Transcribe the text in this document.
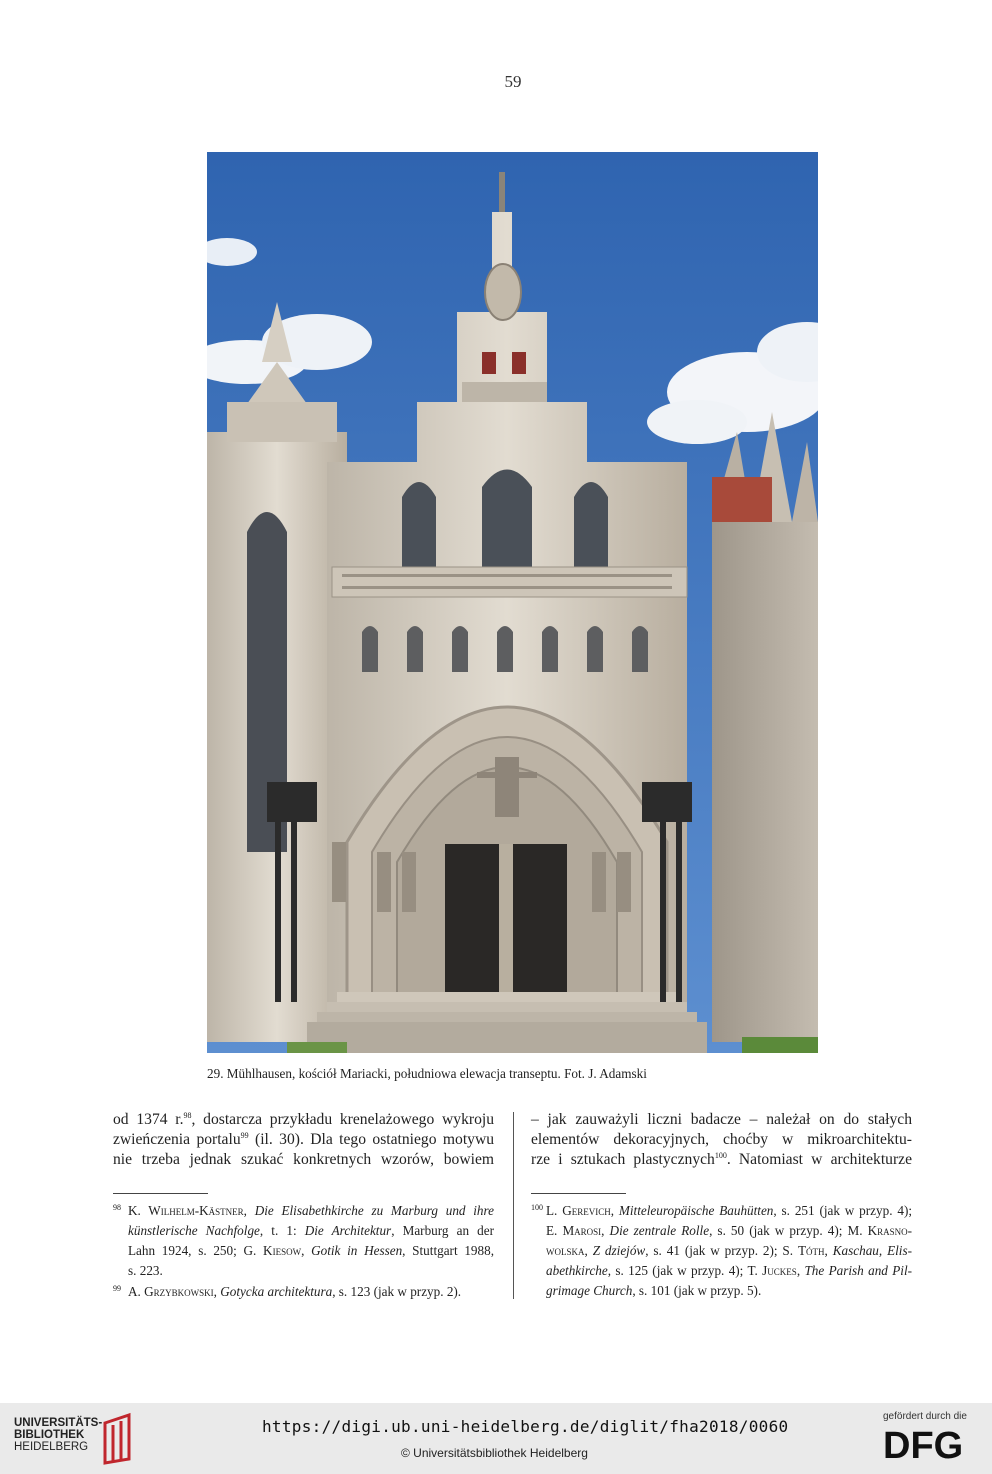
59
29. Mühlhausen, kościół Mariacki, południowa elewacja transeptu. Fot. J. Adamski
od 1374 r.$^{98}$, dostarcza przykładu krenelażowego wykroju
zwieńczenia portalu$^{99}$ (il. 30). Dla tego ostatniego motywu
nie trzeba jednak szukać konkretnych wzorów, bowiem
– jak zauważyli liczni badacze – należał on do stałych
elementów dekoracyjnych, choćby w mikroarchitektu-
rze i sztukach plastycznych$^{100}$. Natomiast w architekturze
98 K. Wilhelm-Kästner, Die Elisabethkirche zu Marburg und ihre
künstlerische Nachfolge, t. 1: Die Architektur, Marburg an der
Lahn 1924, s. 250; G. Kiesow, Gotik in Hessen, Stuttgart 1988,
s. 223.
99 A. Grzybkowski, Gotycka architektura, s. 123 (jak w przyp. 2).
100 L. Gerevich, Mitteleuropäische Bauhütten, s. 251 (jak w przyp. 4);
E. Marosi, Die zentrale Rolle, s. 50 (jak w przyp. 4); M. Krasno-
wolska, Z dziejów, s. 41 (jak w przyp. 2); S. Tóth, Kaschau, Elis-
abethkirche, s. 125 (jak w przyp. 4); T. Juckes, The Parish and Pil-
grimage Church, s. 101 (jak w przyp. 5).
UNIVERSITÄTS-
BIBLIOTHEK
HEIDELBERG
https://digi.ub.uni-heidelberg.de/diglit/fha2018/0060
© Universitätsbibliothek Heidelberg
gefördert durch die
DFG
